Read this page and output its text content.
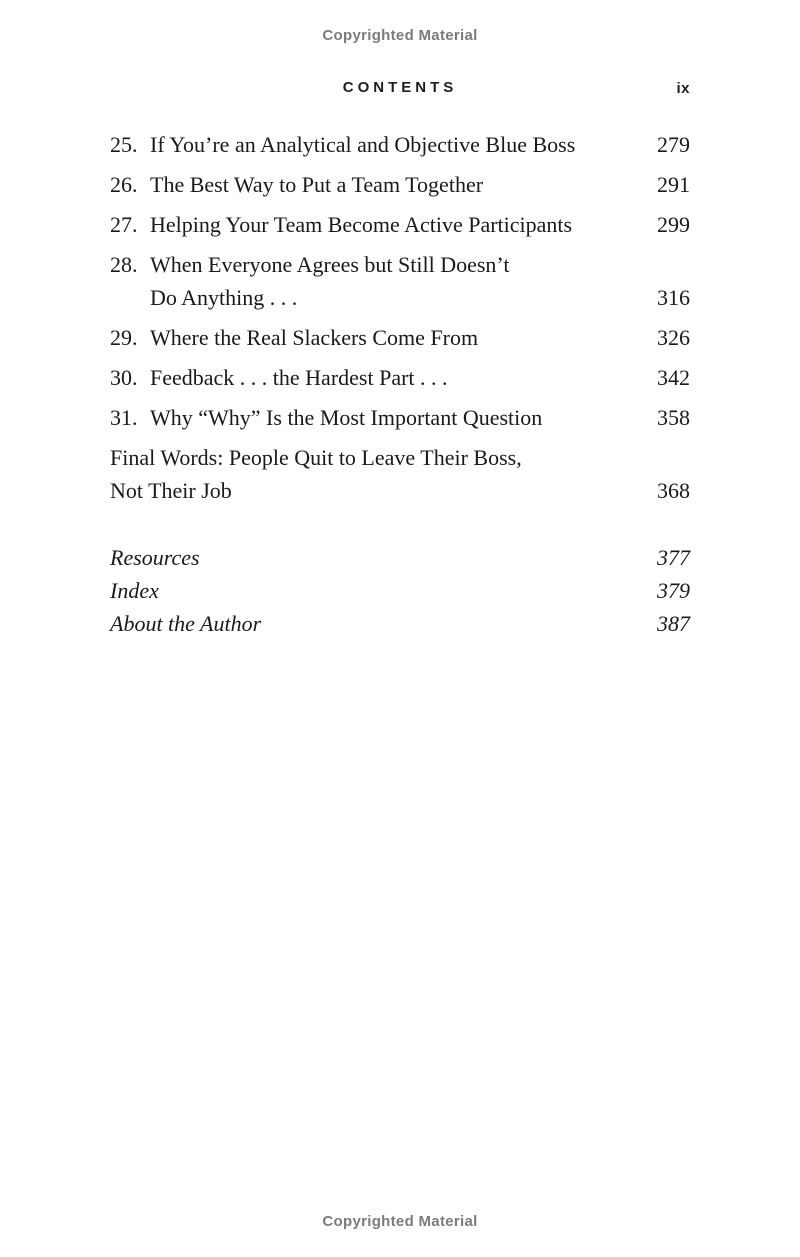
Copyrighted Material
CONTENTS	ix
25. If You’re an Analytical and Objective Blue Boss	279
26. The Best Way to Put a Team Together	291
27. Helping Your Team Become Active Participants	299
28. When Everyone Agrees but Still Doesn’t
Do Anything . . .	316
29. Where the Real Slackers Come From	326
30. Feedback . . . the Hardest Part . . .	342
31. Why “Why” Is the Most Important Question	358
Final Words: People Quit to Leave Their Boss,
Not Their Job	368
Resources	377
Index	379
About the Author	387
Copyrighted Material
